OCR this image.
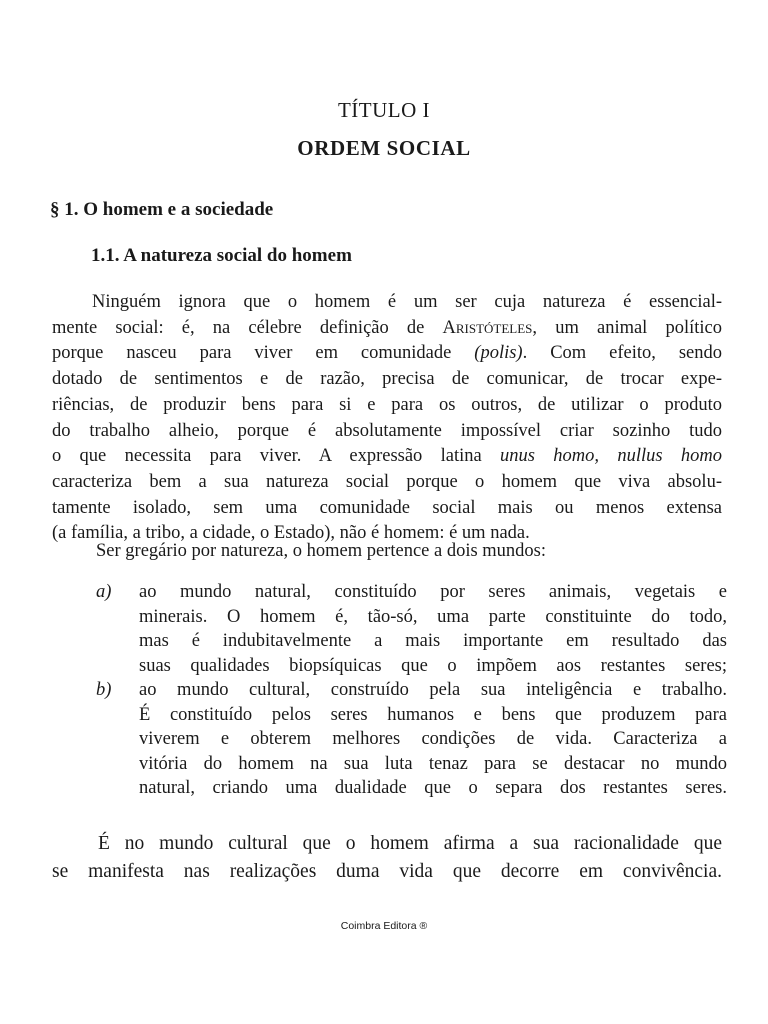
TÍTULO I
ORDEM SOCIAL
§ 1. O homem e a sociedade
1.1. A natureza social do homem
Ninguém ignora que o homem é um ser cuja natureza é essencial-
mente social: é, na célebre definição de Aristóteles, um animal político
porque nasceu para viver em comunidade (polis). Com efeito, sendo
dotado de sentimentos e de razão, precisa de comunicar, de trocar expe-
riências, de produzir bens para si e para os outros, de utilizar o produto
do trabalho alheio, porque é absolutamente impossível criar sozinho tudo
o que necessita para viver. A expressão latina unus homo, nullus homo
caracteriza bem a sua natureza social porque o homem que viva absolu-
tamente isolado, sem uma comunidade social mais ou menos extensa
(a família, a tribo, a cidade, o Estado), não é homem: é um nada.
Ser gregário por natureza, o homem pertence a dois mundos:
a) ao mundo natural, constituído por seres animais, vegetais e
minerais. O homem é, tão-só, uma parte constituinte do todo,
mas é indubitavelmente a mais importante em resultado das
suas qualidades biopsíquicas que o impõem aos restantes seres;
b) ao mundo cultural, construído pela sua inteligência e trabalho.
É constituído pelos seres humanos e bens que produzem para
viverem e obterem melhores condições de vida. Caracteriza a
vitória do homem na sua luta tenaz para se destacar no mundo
natural, criando uma dualidade que o separa dos restantes seres.
É no mundo cultural que o homem afirma a sua racionalidade que
se manifesta nas realizações duma vida que decorre em convivência.
Coimbra Editora ®
